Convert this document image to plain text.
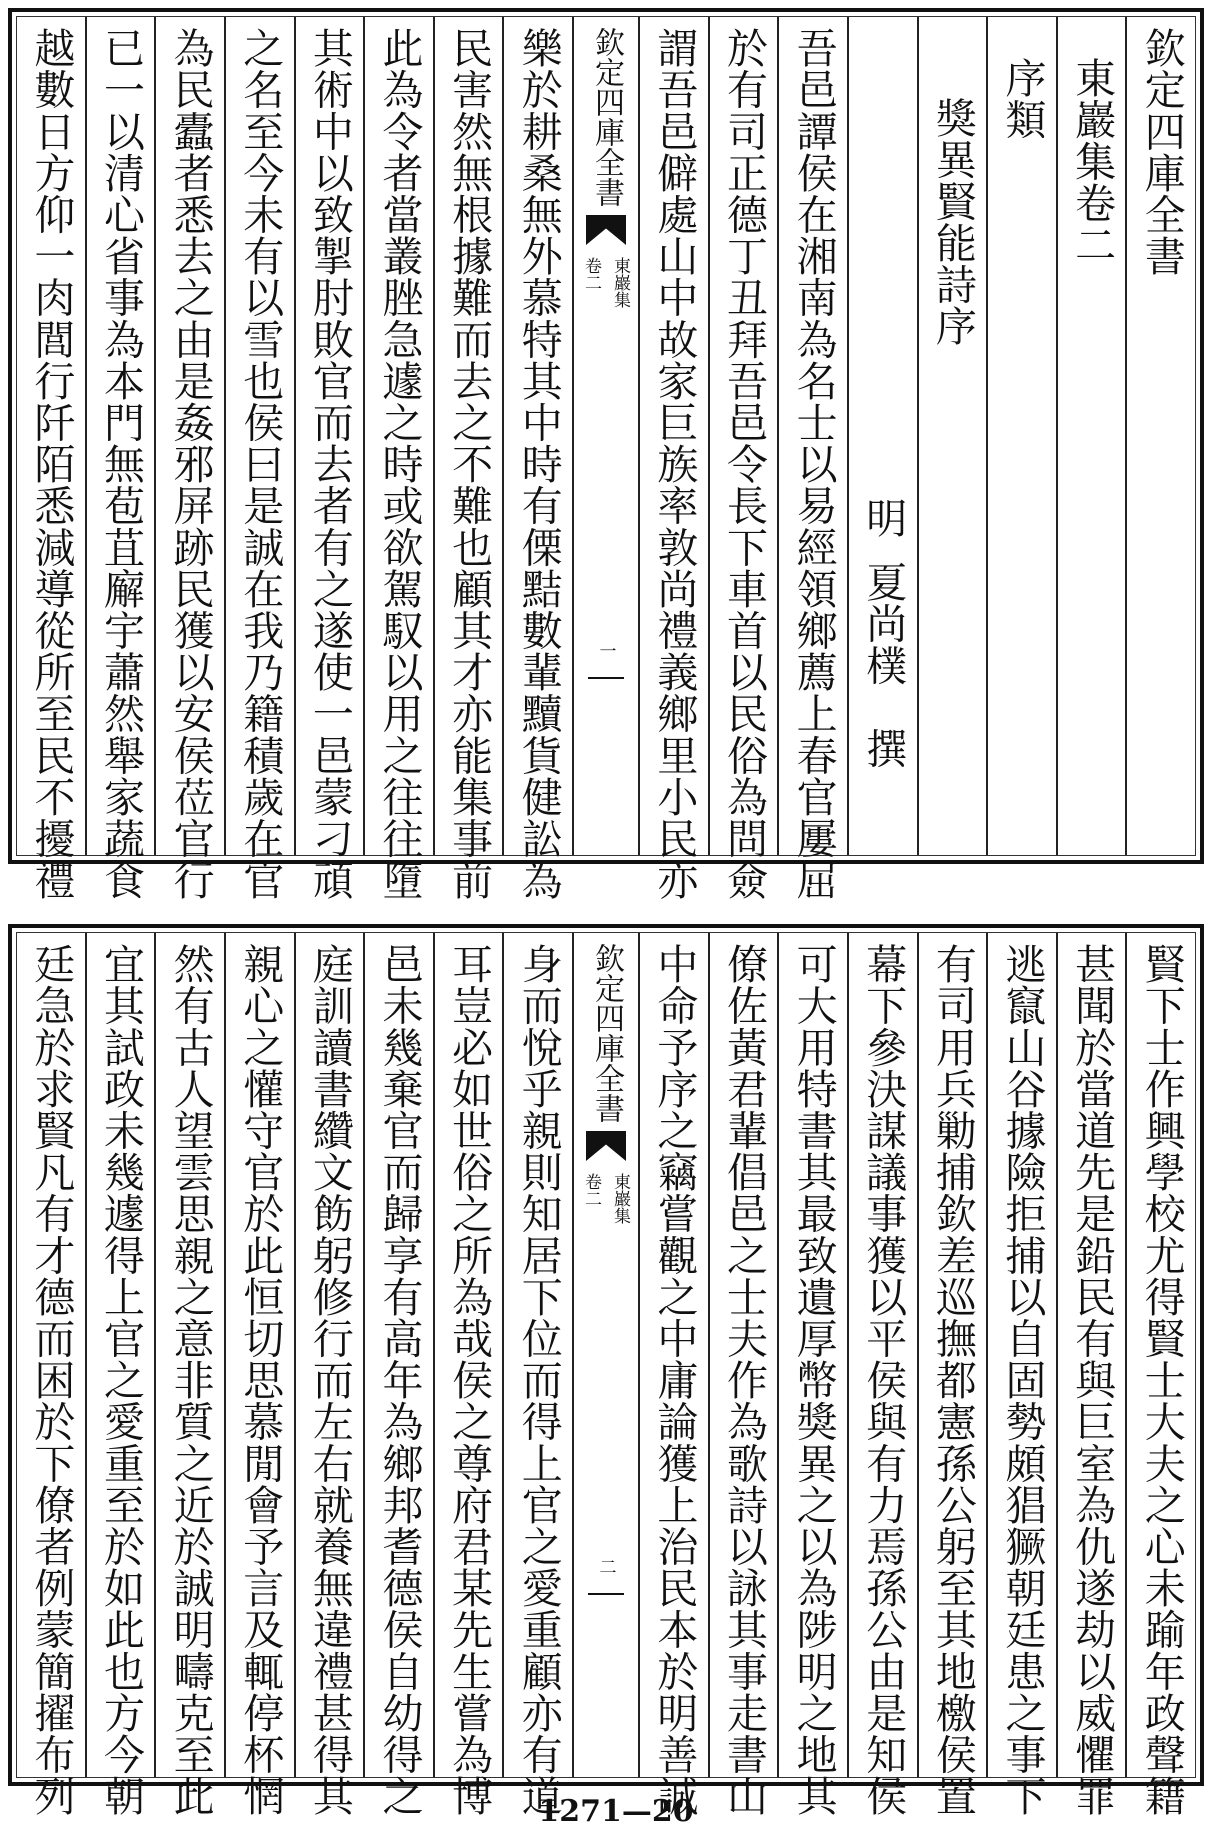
欽定四庫全書
東巖集卷二
序類
獎異賢能詩序
明
夏尚樸　撰
吾邑譚侯在湘南為名士以易經領鄉薦上春官屢屈
於有司正德丁丑拜吾邑令長下車首以民俗為問僉
謂吾邑僻處山中故家巨族率敦尚禮義鄉里小民亦
欽定四庫全書
東巖集
卷二
一
樂於耕桑無外慕特其中時有傈黠數輩黷貨健訟為
民害然無根據難而去之不難也顧其才亦能集事前
此為令者當叢脞急遽之時或欲駕馭以用之往往墮
其術中以致掣肘敗官而去者有之遂使一邑蒙刁頑
之名至今未有以雪也侯曰是誠在我乃籍積歲在官
為民蠹者悉去之由是姦邪屏跡民獲以安侯莅官行
已一以清心省事為本門無苞苴廨宇蕭然舉家蔬食
越數日方仰一肉閭行阡陌悉減導從所至民不擾禮
賢下士作興學校尤得賢士大夫之心未踰年政聲籍
甚聞於當道先是鉛民有與巨室為仇遂劫以威懼罪
逃竄山谷據險拒捕以自固勢頗猖獗朝廷患之事下
有司用兵勦捕欽差巡撫都憲孫公躬至其地檄侯置
幕下參決謀議事獲以平侯與有力焉孫公由是知侯
可大用特書其最致遺厚幣獎異之以為陟明之地其
僚佐黃君輩倡邑之士夫作為歌詩以詠其事走書山
中命予序之竊嘗觀之中庸論獲上治民本於明善誠
欽定四庫全書
東巖集
卷二
二
身而悅乎親則知居下位而得上官之愛重顧亦有道
耳豈必如世俗之所為哉侯之尊府君某先生嘗為博
邑未幾棄官而歸享有高年為鄉邦耆德侯自幼得之
庭訓讀書纘文飭躬修行而左右就養無違禮甚得其
親心之懽守官於此恒切思慕閒會予言及輒停杯惘
然有古人望雲思親之意非質之近於誠明疇克至此
宜其試政未幾遽得上官之愛重至於如此也方今朝
廷急於求賢凡有才德而困於下僚者例蒙簡擢布列	1271—20
